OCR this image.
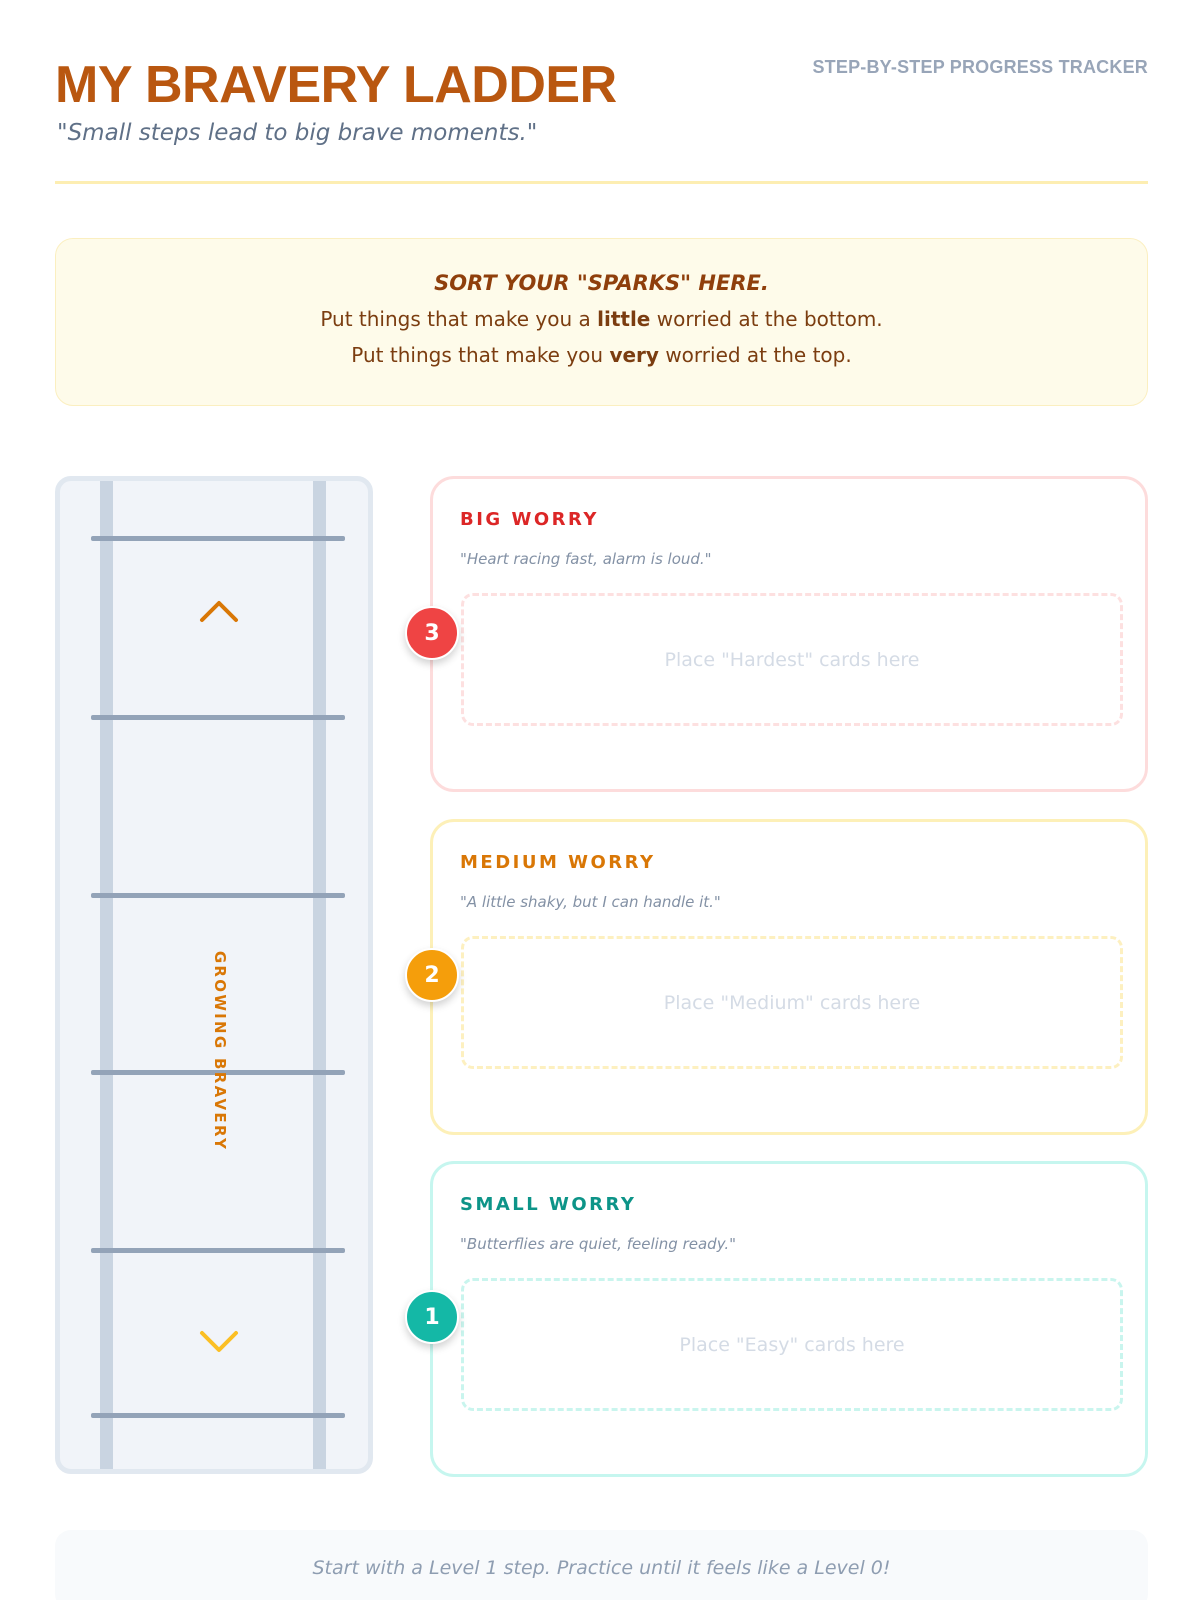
MY BRAVERY LADDER
"Small steps lead to big brave moments."
STEP-BY-STEP PROGRESS TRACKER
SORT YOUR "SPARKS" HERE.
Put things that make you a little worried at the bottom.
Put things that make you very worried at the top.
GROWING BRAVERY
BIG WORRY
"Heart racing fast, alarm is loud."
Place "Hardest" cards here
3
MEDIUM WORRY
"A little shaky, but I can handle it."
Place "Medium" cards here
2
SMALL WORRY
"Butterflies are quiet, feeling ready."
Place "Easy" cards here
1
Start with a Level 1 step. Practice until it feels like a Level 0!
